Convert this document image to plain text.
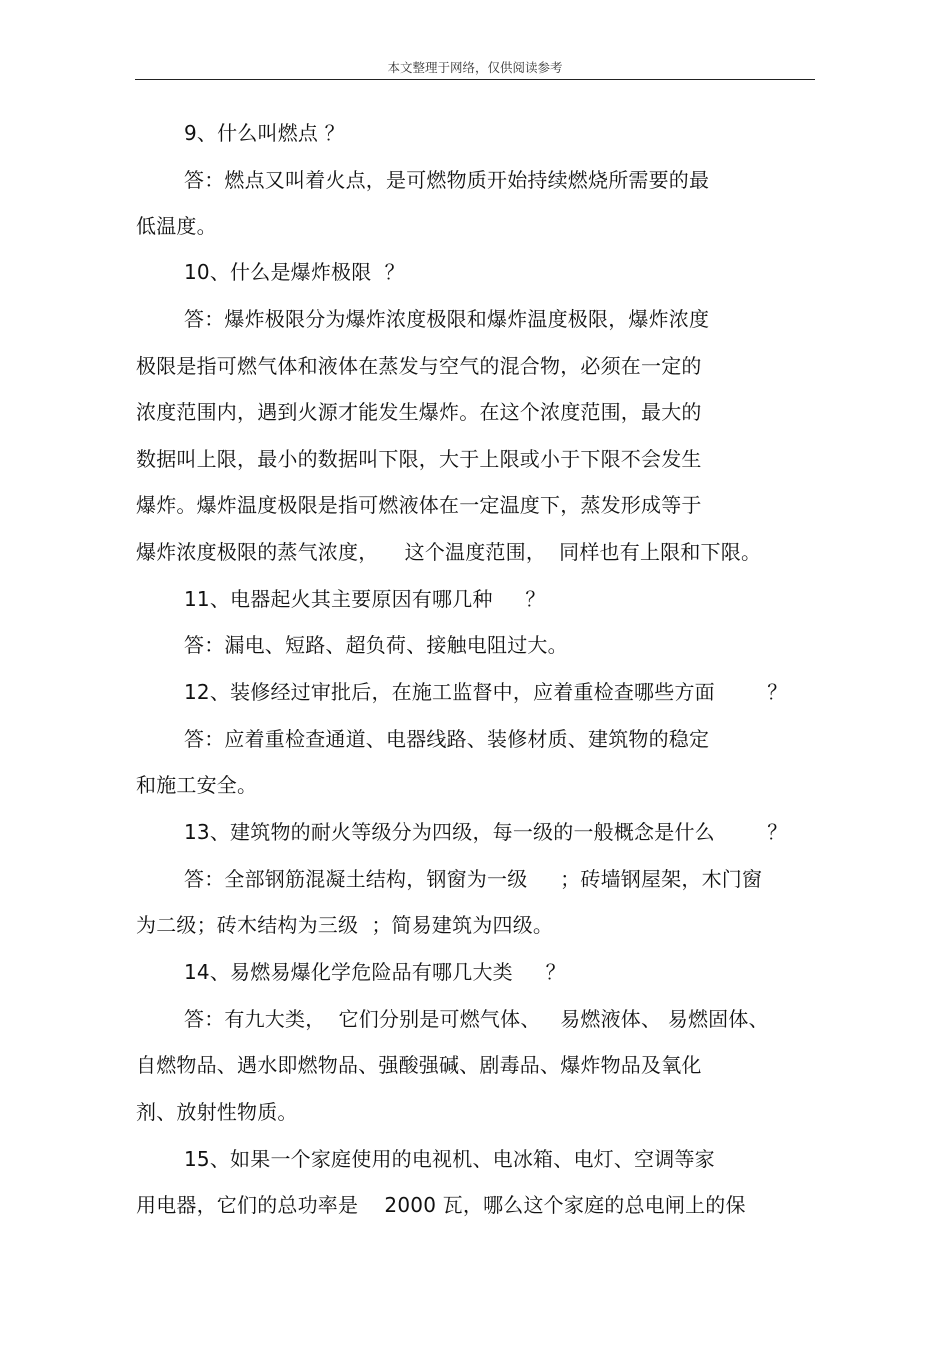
本文整理于网络，仅供阅读参考
9、什么叫燃点 ？
答：燃点又叫着火点，是可燃物质开始持续燃烧所需要的最
低温度。
10、什么是爆炸极限  ？
答：爆炸极限分为爆炸浓度极限和爆炸温度极限，爆炸浓度
极限是指可燃气体和液体在蒸发与空气的混合物，必须在一定的
浓度范围内，遇到火源才能发生爆炸。在这个浓度范围，最大的
数据叫上限，最小的数据叫下限，大于上限或小于下限不会发生
爆炸。爆炸温度极限是指可燃液体在一定温度下，蒸发形成等于
爆炸浓度极限的蒸气浓度，    这个温度范围，  同样也有上限和下限。
11、电器起火其主要原因有哪几种     ？
答：漏电、短路、超负荷、接触电阻过大。
12、装修经过审批后，在施工监督中，应着重检查哪些方面        ？
答：应着重检查通道、电器线路、装修材质、建筑物的稳定
和施工安全。
13、建筑物的耐火等级分为四级，每一级的一般概念是什么        ？
答：全部钢筋混凝土结构，钢窗为一级     ；砖墙钢屋架，木门窗
为二级；砖木结构为三级  ；简易建筑为四级。
14、易燃易爆化学危险品有哪几大类     ？
答：有九大类，  它们分别是可燃气体、   易燃液体、 易燃固体、
自燃物品、遇水即燃物品、强酸强碱、剧毒品、爆炸物品及氧化
剂、放射性物质。
15、如果一个家庭使用的电视机、电冰箱、电灯、空调等家
用电器，它们的总功率是    2000 瓦，哪么这个家庭的总电闸上的保
